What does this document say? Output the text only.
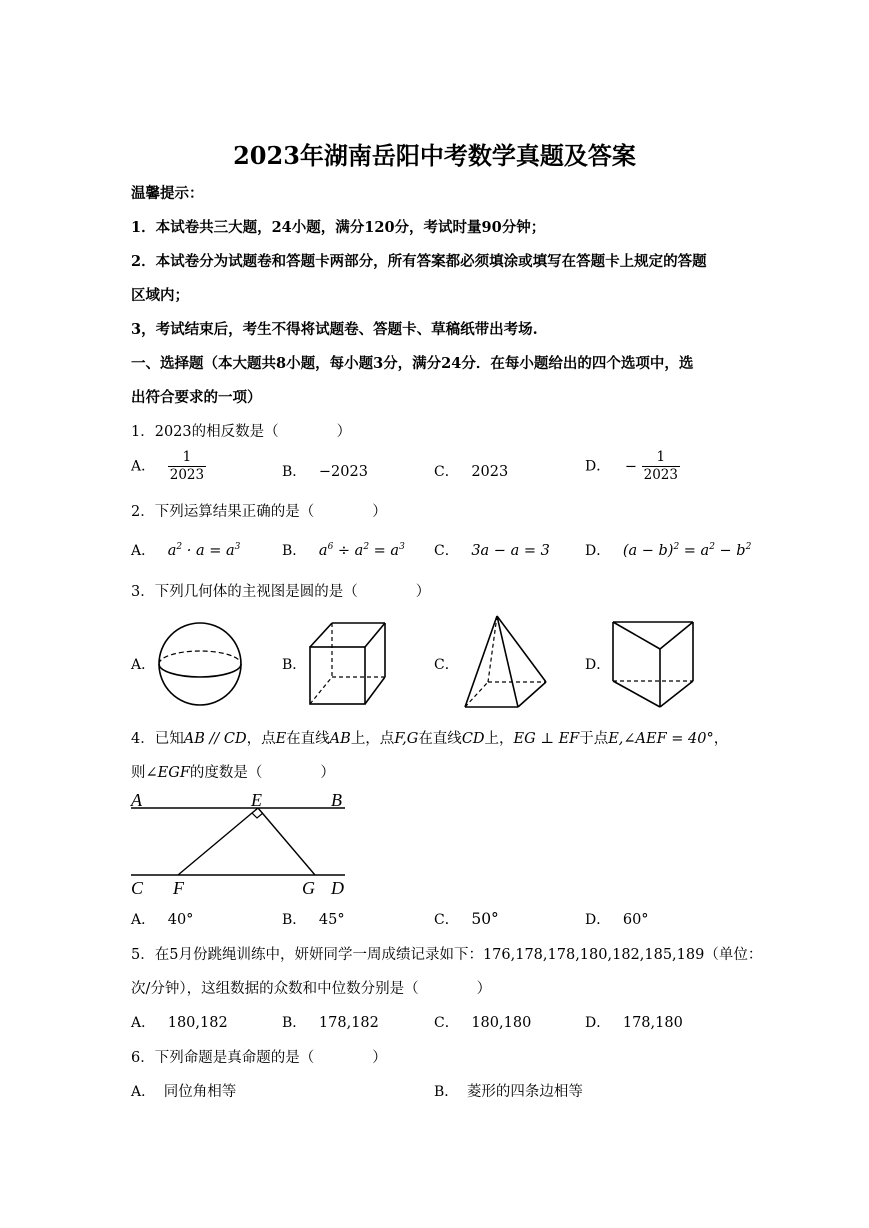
2023年湖南岳阳中考数学真题及答案
温馨提示：
1．本试卷共三大题，24小题，满分120分，考试时量90分钟；
2．本试卷分为试题卷和答题卡两部分，所有答案都必须填涂或填写在答题卡上规定的答题
区域内；
3，考试结束后，考生不得将试题卷、答题卡、草稿纸带出考场.
一、选择题（本大题共8小题，每小题3分，满分24分．在每小题给出的四个选项中，选
出符合要求的一项）
1．2023的相反数是（　　　　）
A． $\frac{1}{2023}$	B． −2023	C． 2023	D． − $\frac{1}{2023}$
2．下列运算结果正确的是（　　　　）
A． $a^2 \cdot a = a^3$	B． $a^6 \div a^2 = a^3$ C． 3a − a = 3	D． $(a - b)^2 = a^2 - b^2$
3．下列几何体的主视图是圆的是（　　　　）
A．	B．	C．	D．
4．已知AB // CD，点E在直线AB上，点F,G在直线CD上，EG ⊥ EF于点E,∠AEF = 40°，
则∠EGF的度数是（　　　　）
A	E	B
C F	G D
A． 40°	B． 45°	C． 50°	D． 60°
5．在5月份跳绳训练中，妍妍同学一周成绩记录如下：176,178,178,180,182,185,189（单位：
次/分钟），这组数据的众数和中位数分别是（　　　　）
A． 180,182	B． 178,182	C． 180,180	D． 178,180
6．下列命题是真命题的是（　　　　）
A． 同位角相等	B． 菱形的四条边相等
